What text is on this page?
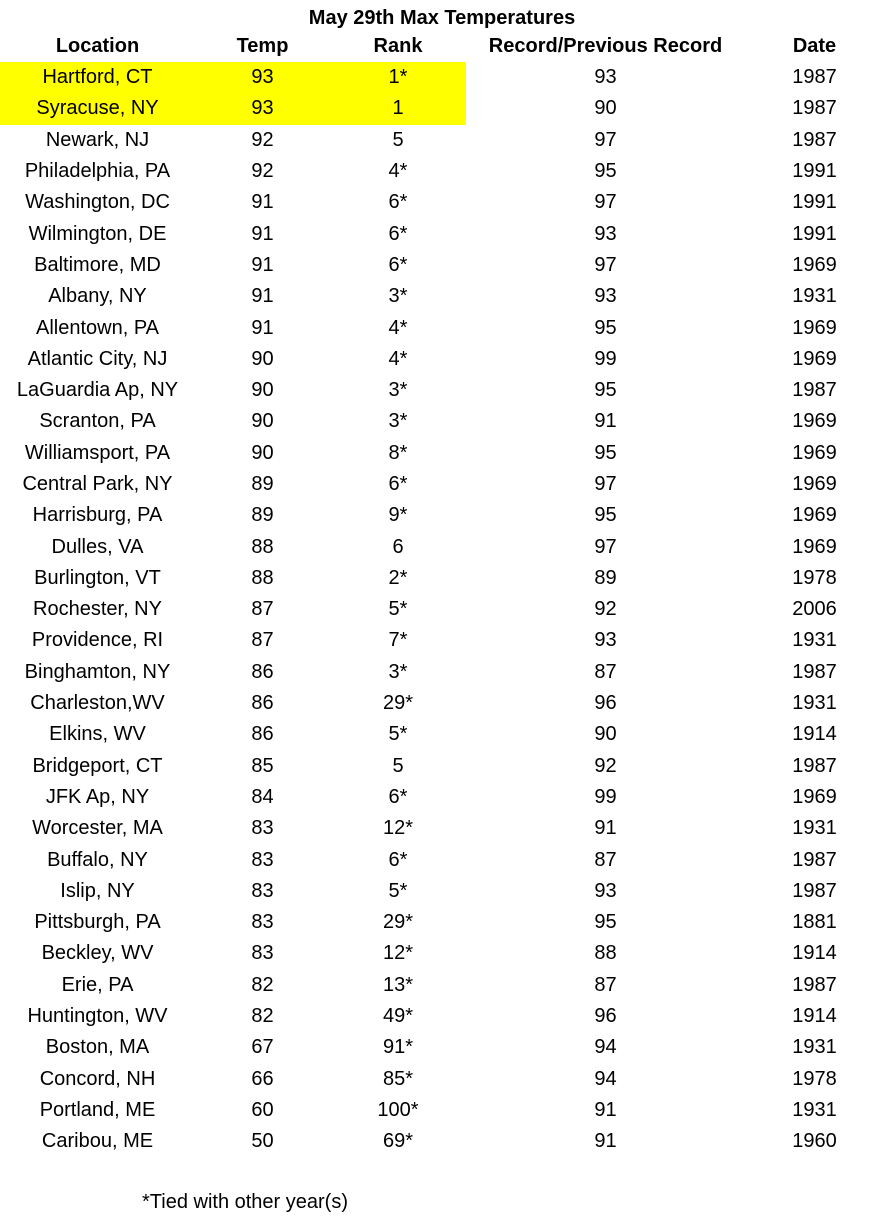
May 29th Max Temperatures
Location	Temp	Rank	Record/Previous Record	Date
Hartford, CT	93	1*	93	1987
Syracuse, NY	93	1	90	1987
Newark, NJ	92	5	97	1987
Philadelphia, PA	92	4*	95	1991
Washington, DC	91	6*	97	1991
Wilmington, DE	91	6*	93	1991
Baltimore, MD	91	6*	97	1969
Albany, NY	91	3*	93	1931
Allentown, PA	91	4*	95	1969
Atlantic City, NJ	90	4*	99	1969
LaGuardia Ap, NY	90	3*	95	1987
Scranton, PA	90	3*	91	1969
Williamsport, PA	90	8*	95	1969
Central Park, NY	89	6*	97	1969
Harrisburg, PA	89	9*	95	1969
Dulles, VA	88	6	97	1969
Burlington, VT	88	2*	89	1978
Rochester, NY	87	5*	92	2006
Providence, RI	87	7*	93	1931
Binghamton, NY	86	3*	87	1987
Charleston,WV	86	29*	96	1931
Elkins, WV	86	5*	90	1914
Bridgeport, CT	85	5	92	1987
JFK Ap, NY	84	6*	99	1969
Worcester, MA	83	12*	91	1931
Buffalo, NY	83	6*	87	1987
Islip, NY	83	5*	93	1987
Pittsburgh, PA	83	29*	95	1881
Beckley, WV	83	12*	88	1914
Erie, PA	82	13*	87	1987
Huntington, WV	82	49*	96	1914
Boston, MA	67	91*	94	1931
Concord, NH	66	85*	94	1978
Portland, ME	60	100*	91	1931
Caribou, ME	50	69*	91	1960
*Tied with other year(s)
